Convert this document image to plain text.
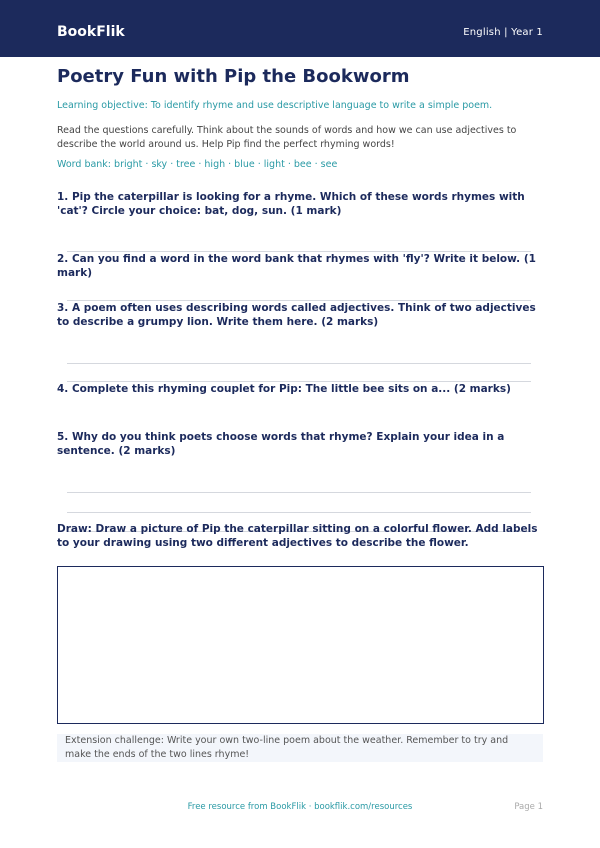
BookFlik	English | Year 1
Poetry Fun with Pip the Bookworm
Learning objective: To identify rhyme and use descriptive language to write a simple poem.
Read the questions carefully. Think about the sounds of words and how we can use adjectives to describe the world around us. Help Pip find the perfect rhyming words!
Word bank: bright · sky · tree · high · blue · light · bee · see
1. Pip the caterpillar is looking for a rhyme. Which of these words rhymes with 'cat'? Circle your choice: bat, dog, sun. (1 mark)
2. Can you find a word in the word bank that rhymes with 'fly'? Write it below. (1 mark)
3. A poem often uses describing words called adjectives. Think of two adjectives to describe a grumpy lion. Write them here. (2 marks)
4. Complete this rhyming couplet for Pip: The little bee sits on a... (2 marks)
5. Why do you think poets choose words that rhyme? Explain your idea in a sentence. (2 marks)
Draw: Draw a picture of Pip the caterpillar sitting on a colorful flower. Add labels to your drawing using two different adjectives to describe the flower.
Extension challenge: Write your own two-line poem about the weather. Remember to try and make the ends of the two lines rhyme!
Free resource from BookFlik · bookflik.com/resources	Page 1
